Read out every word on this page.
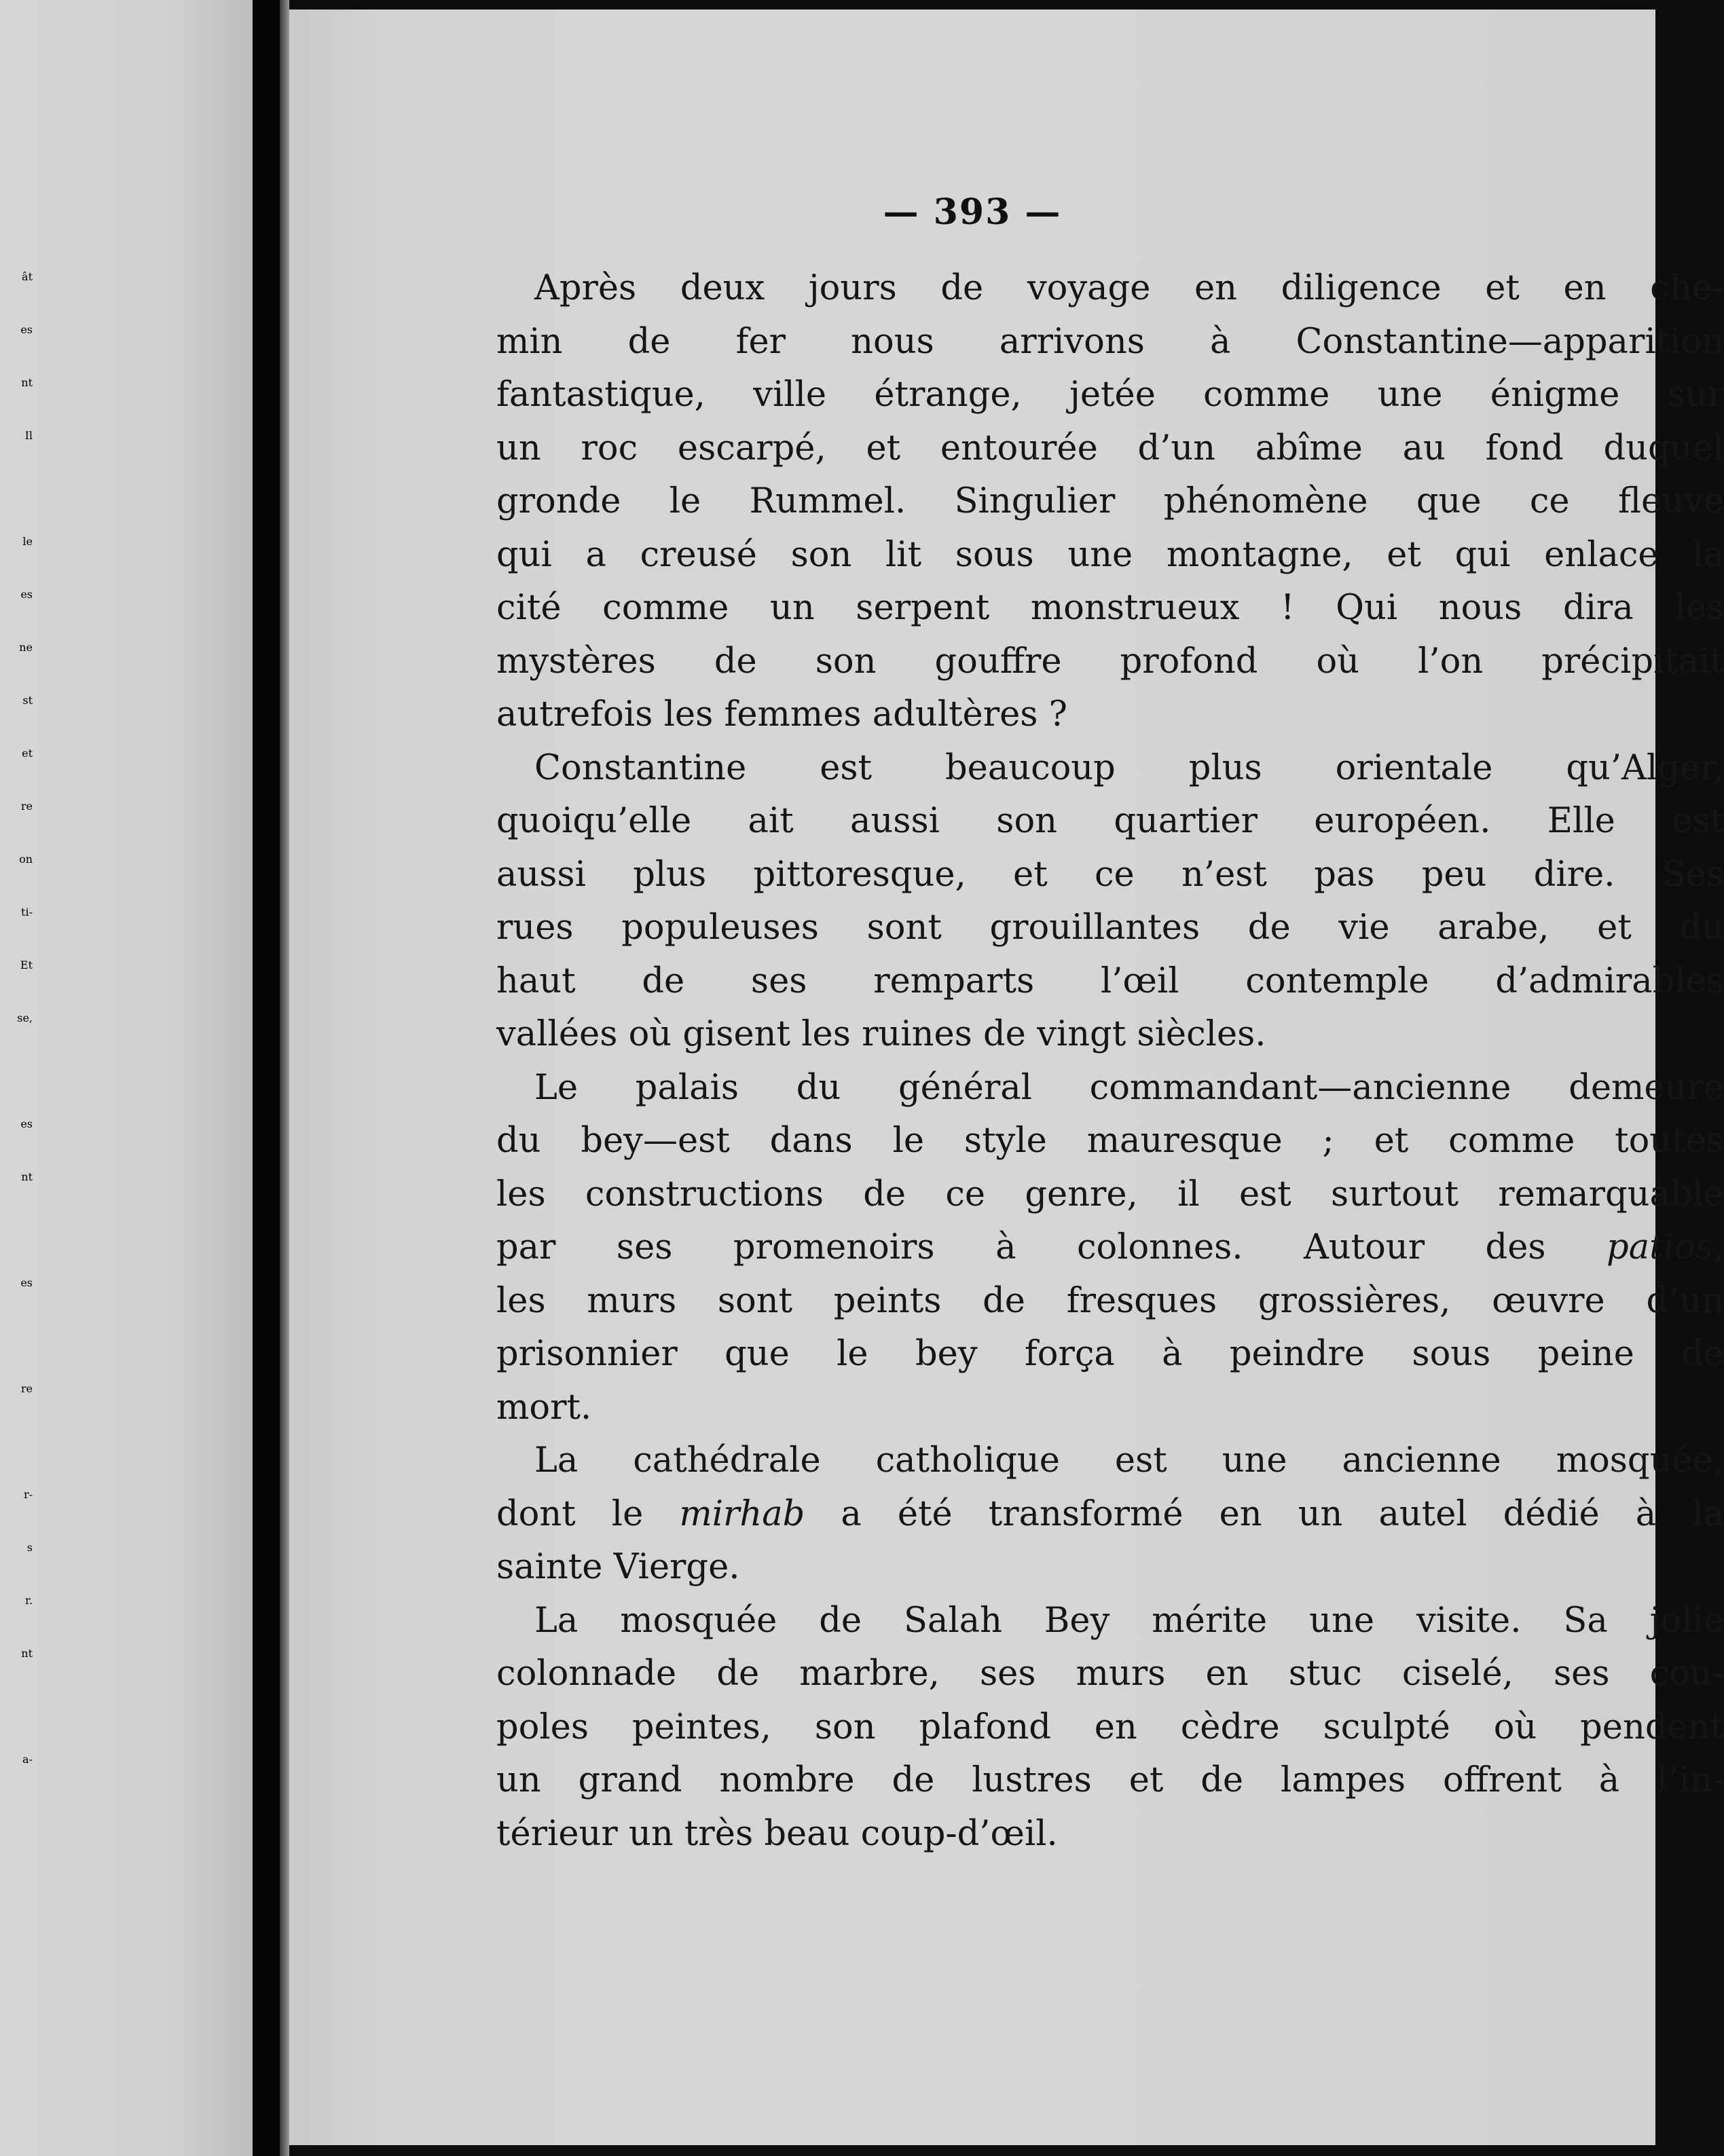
ât
es
nt
Il
le
es
ne
st
et
re
on
ti-
Et
se,
es
nt
es
re
r-
s
r.
nt
a-
— 393 —
Après deux jours de voyage en diligence et en che-
min de fer nous arrivons à Constantine—apparition
fantastique, ville étrange, jetée comme une énigme sur
un roc escarpé, et entourée d’un abîme au fond duquel
gronde le Rummel. Singulier phénomène que ce fleuve
qui a creusé son lit sous une montagne, et qui enlace la
cité comme un serpent monstrueux ! Qui nous dira les
mystères de son gouffre profond où l’on précipitait
autrefois les femmes adultères ?
Constantine est beaucoup plus orientale qu’Alger,
quoiqu’elle ait aussi son quartier européen. Elle est
aussi plus pittoresque, et ce n’est pas peu dire. Ses
rues populeuses sont grouillantes de vie arabe, et du
haut de ses remparts l’œil contemple d’admirables
vallées où gisent les ruines de vingt siècles.
Le palais du général commandant—ancienne demeure
du bey—est dans le style mauresque ; et comme toutes
les constructions de ce genre, il est surtout remarquable
par ses promenoirs à colonnes. Autour des patios,
les murs sont peints de fresques grossières, œuvre d’un
prisonnier que le bey força à peindre sous peine de
mort.
La cathédrale catholique est une ancienne mosquée,
dont le mirhab a été transformé en un autel dédié à la
sainte Vierge.
La mosquée de Salah Bey mérite une visite. Sa jolie
colonnade de marbre, ses murs en stuc ciselé, ses cou-
poles peintes, son plafond en cèdre sculpté où pendent
un grand nombre de lustres et de lampes offrent à l’in-
térieur un très beau coup-d’œil.
